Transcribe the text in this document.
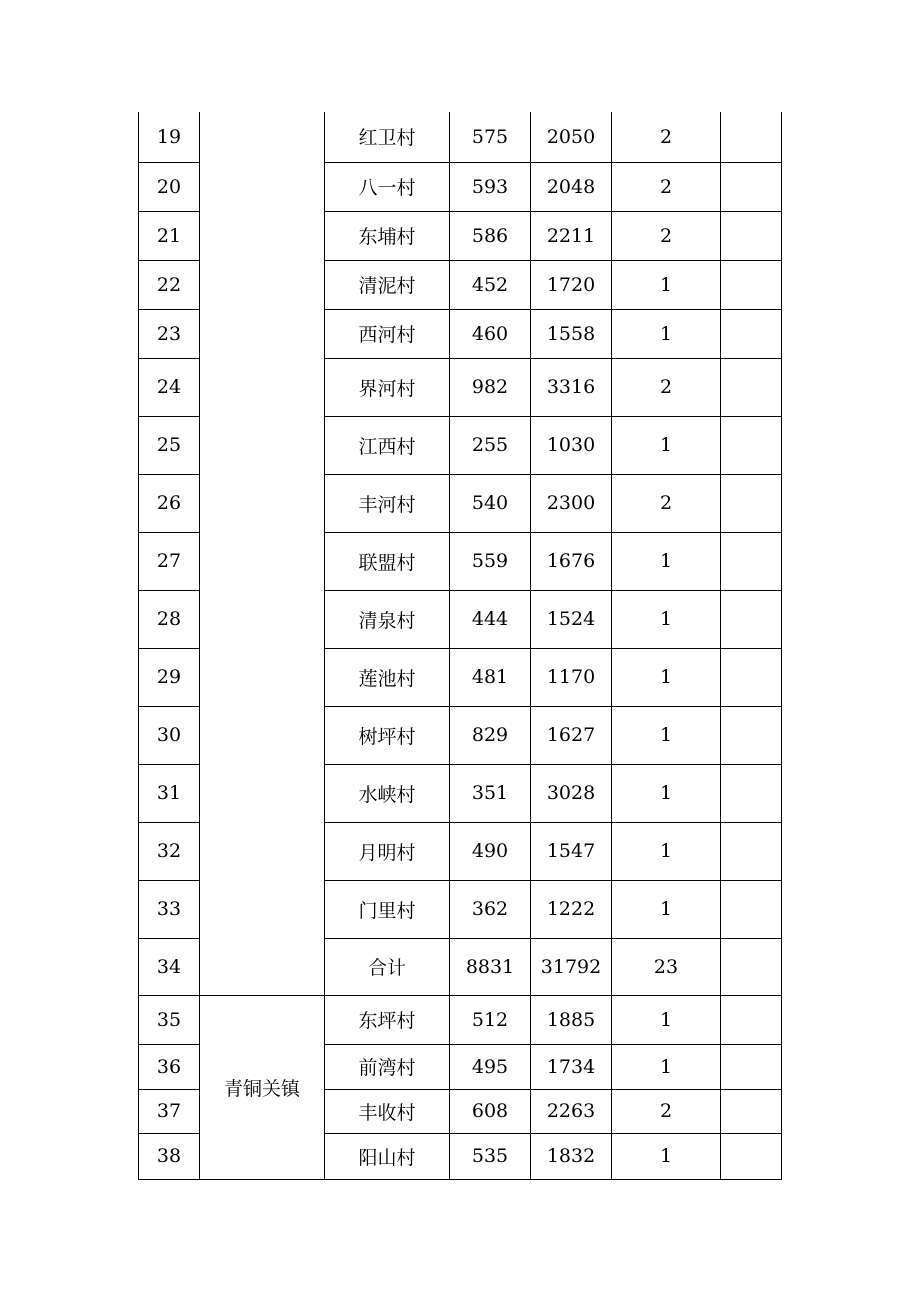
19		红卫村	575	2050	2	
20		八一村	593	2048	2	
21		东埔村	586	2211	2	
22		清泥村	452	1720	1	
23		西河村	460	1558	1	
24		界河村	982	3316	2	
25		江西村	255	1030	1	
26		丰河村	540	2300	2	
27		联盟村	559	1676	1	
28		清泉村	444	1524	1	
29		莲池村	481	1170	1	
30		树坪村	829	1627	1	
31		水峡村	351	3028	1	
32		月明村	490	1547	1	
33		门里村	362	1222	1	
34		合计	8831	31792	23	
35	青铜关镇	东坪村	512	1885	1	
36		前湾村	495	1734	1	
37		丰收村	608	2263	2	
38		阳山村	535	1832	1	
